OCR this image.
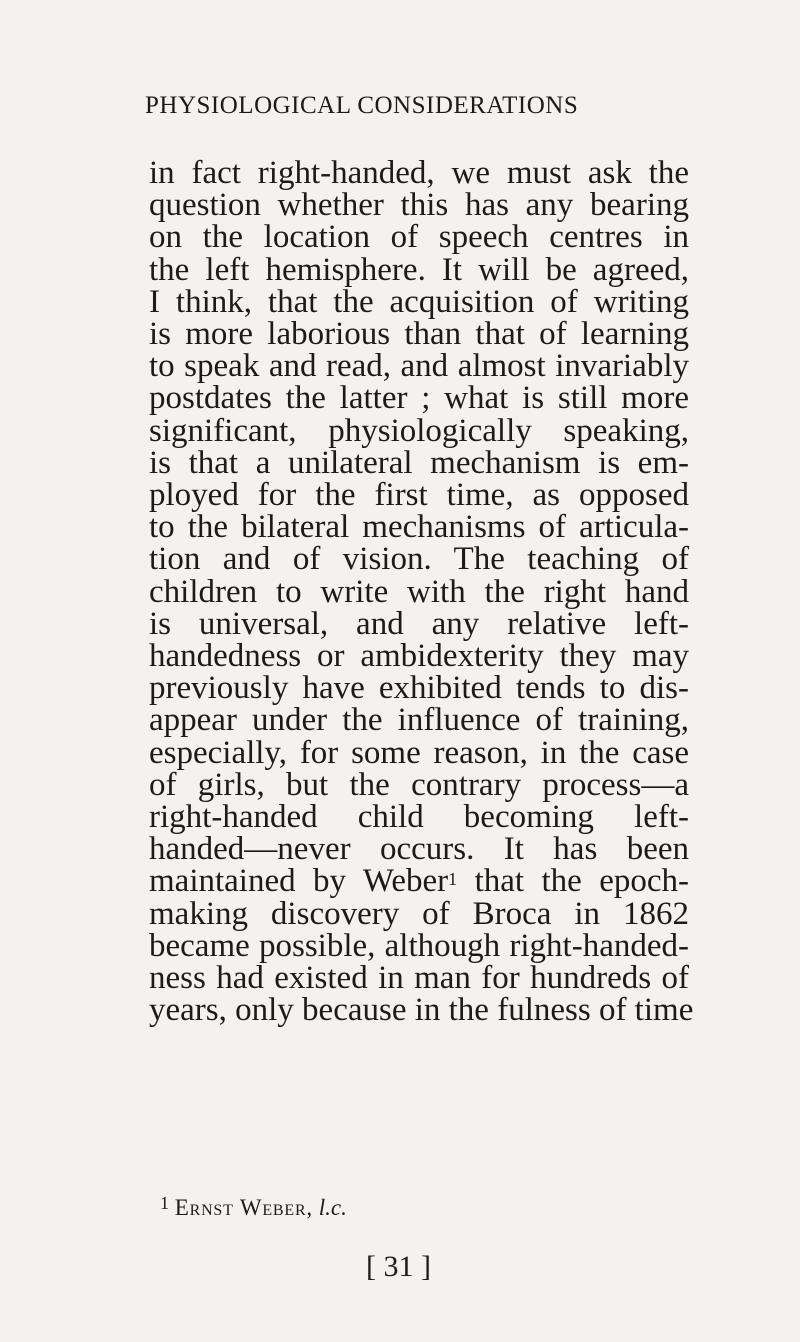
PHYSIOLOGICAL CONSIDERATIONS
in fact right-handed, we must ask the
question whether this has any bearing
on the location of speech centres in
the left hemisphere. It will be agreed,
I think, that the acquisition of writing
is more laborious than that of learning
to speak and read, and almost invariably
postdates the latter ; what is still more
significant, physiologically speaking,
is that a unilateral mechanism is em-
ployed for the first time, as opposed
to the bilateral mechanisms of articula-
tion and of vision. The teaching of
children to write with the right hand
is universal, and any relative left-
handedness or ambidexterity they may
previously have exhibited tends to dis-
appear under the influence of training,
especially, for some reason, in the case
of girls, but the contrary process—a
right-handed child becoming left-
handed—never occurs. It has been
maintained by Weber$^1$ that the epoch-
making discovery of Broca in 1862
became possible, although right-handed-
ness had existed in man for hundreds of
years, only because in the fulness of time
$^1$ Ernst Weber, l.c.
[ 31 ]
